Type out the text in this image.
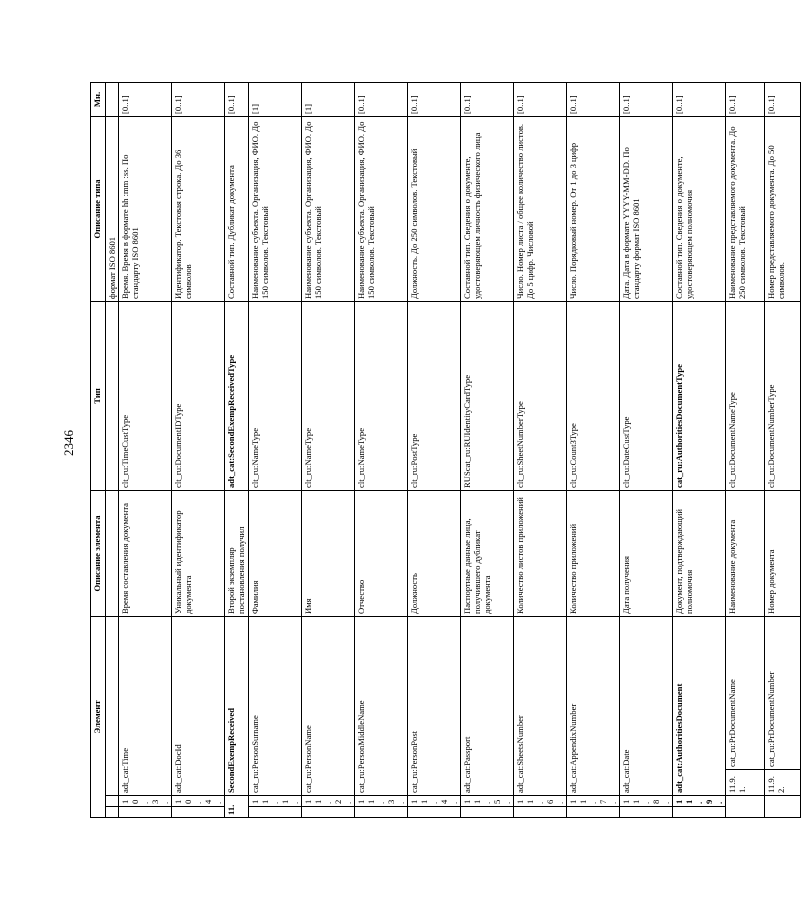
2346
Элемент				Описание элемента	Тип	Описание типа	Мн.
						формат ISO 8601	
	10.3.	adt_cat:Time		Время составления документа	clt_ru:TimeCustType	Время. Время в формате hh :mm :ss. По стандарту ISO 8601	[0..1]
	10.4.	adt_cat:DocId		Уникальный идентификатор документа	clt_ru:DocumentIDType	Идентификатор. Текстовая строка. До 36 символов	[0..1]
11.		SecondExempReceived		Второй экземпляр постановления получил	adt_cat:SecondExempReceivedType	Составной тип. Дубликат документа	[0..1]
	11.1.	cat_ru:PersonSurname		Фамилия	clt_ru:NameType	Наименование субъекта. Организация, ФИО. До 150 символов. Текстовый	[1]
	11.2.	cat_ru:PersonName		Имя	clt_ru:NameType	Наименование субъекта. Организация, ФИО. До 150 символов. Текстовый	[1]
	11.3.	cat_ru:PersonMiddleName		Отчество	clt_ru:NameType	Наименование субъекта. Организация, ФИО. До 150 символов. Текстовый	[0..1]
	11.4.	cat_ru:PersonPost		Должность	clt_ru:PostType	Должность. До 250 символов. Текстовый	[0..1]
	11.5.	adt_cat:Passport		Паспортные данные лица, получившего дубликат документа	RUScat_ru:RUIdentityCardType	Составной тип. Сведения о документе, удостоверяющем личность физического лица	[0..1]
	11.6.	adt_cat:SheetsNumber		Количество листов приложений	clt_ru:SheetNumberType	Число. Номер листа / общее количество листов. До 5 цифр. Числовой	[0..1]
	11.7.	adt_cat:AppendixNumber		Количество приложений	clt_ru:Count3Type	Число. Порядковый номер. От 1 до 3 цифр	[0..1]
	11.8.	adt_cat:Date		Дата получения	clt_ru:DateCustType	Дата. Дата в формате YYYY-MM-DD. По стандарту формат ISO 8601	[0..1]
	11.9.	adt_cat:AuthoritiesDocument		Документ, подтверждающий полномочия	cat_ru:AuthoritiesDocumentType	Составной тип. Сведения о документе, удостоверяющем полномочия	[0..1]
		11.9.1.	cat_ru:PrDocumentName	Наименование документа	clt_ru:DocumentNameType	Наименование представляемого документа. До 250 символов. Текстовый	[0..1]
		11.9.2.	cat_ru:PrDocumentNumber	Номер документа	clt_ru:DocumentNumberType	Номер представляемого документа. До 50 символов.	[0..1]
